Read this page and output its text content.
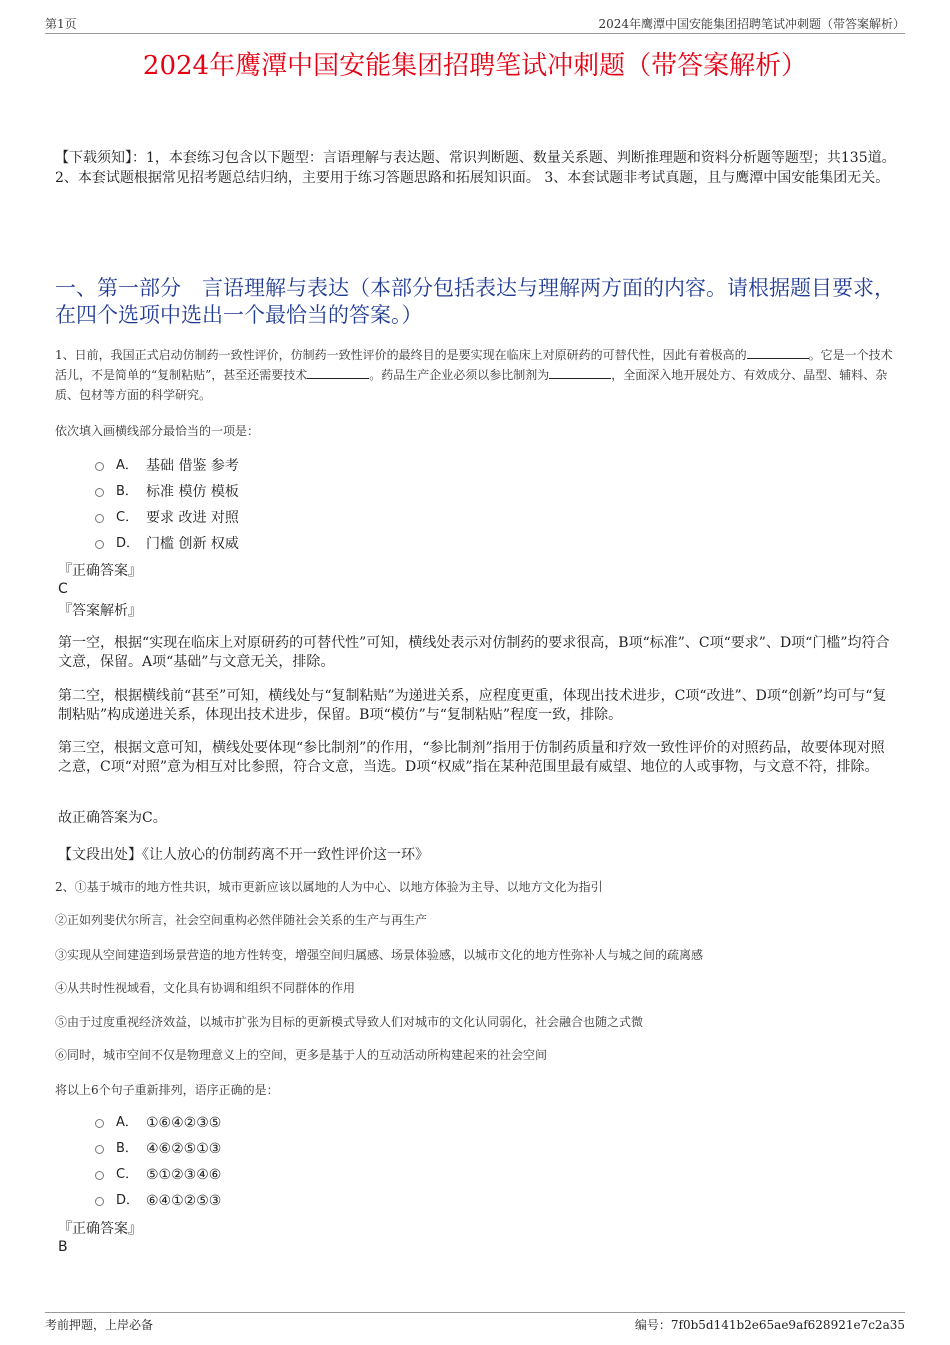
第1页	2024年鹰潭中国安能集团招聘笔试冲刺题（带答案解析）
2024年鹰潭中国安能集团招聘笔试冲刺题（带答案解析）
【下载须知】：1，本套练习包含以下题型：言语理解与表达题、常识判断题、数量关系题、判断推理题和资料分析题等题型；共135道。 2、本套试题根据常见招考题总结归纳，主要用于练习答题思路和拓展知识面。 3、本套试题非考试真题，且与鹰潭中国安能集团无关。
一、第一部分　言语理解与表达（本部分包括表达与理解两方面的内容。请根据题目要求，在四个选项中选出一个最恰当的答案。）
1、日前，我国正式启动仿制药一致性评价，仿制药一致性评价的最终目的是要实现在临床上对原研药的可替代性，因此有着极高的	。它是一个技术活儿，不是简单的“复制粘贴”，甚至还需要技术	。药品生产企业必须以参比制剂为	，全面深入地开展处方、有效成分、晶型、辅料、杂质、包材等方面的科学研究。
依次填入画横线部分最恰当的一项是：
A． 基础 借鉴 参考
B． 标准 模仿 模板
C． 要求 改进 对照
D． 门槛 创新 权威
『正确答案』
C
『答案解析』
第一空，根据“实现在临床上对原研药的可替代性”可知，横线处表示对仿制药的要求很高，B项“标准”、C项“要求”、D项“门槛”均符合文意，保留。A项“基础”与文意无关，排除。
第二空，根据横线前“甚至”可知，横线处与“复制粘贴”为递进关系，应程度更重，体现出技术进步，C项“改进”、D项“创新”均可与“复制粘贴”构成递进关系，体现出技术进步，保留。B项“模仿”与“复制粘贴”程度一致，排除。
第三空，根据文意可知，横线处要体现“参比制剂”的作用，“参比制剂”指用于仿制药质量和疗效一致性评价的对照药品，故要体现对照之意，C项“对照”意为相互对比参照，符合文意，当选。D项“权威”指在某种范围里最有威望、地位的人或事物，与文意不符，排除。
故正确答案为C。
【文段出处】《让人放心的仿制药离不开一致性评价这一环》
2、①基于城市的地方性共识，城市更新应该以属地的人为中心、以地方体验为主导、以地方文化为指引
②正如列斐伏尔所言，社会空间重构必然伴随社会关系的生产与再生产
③实现从空间建造到场景营造的地方性转变，增强空间归属感、场景体验感，以城市文化的地方性弥补人与城之间的疏离感
④从共时性视域看，文化具有协调和组织不同群体的作用
⑤由于过度重视经济效益，以城市扩张为目标的更新模式导致人们对城市的文化认同弱化，社会融合也随之式微
⑥同时，城市空间不仅是物理意义上的空间，更多是基于人的互动活动所构建起来的社会空间
将以上6个句子重新排列，语序正确的是：
A． ①⑥④②③⑤
B． ④⑥②⑤①③
C． ⑤①②③④⑥
D． ⑥④①②⑤③
『正确答案』
B
考前押题，上岸必备	编号：7f0b5d141b2e65ae9af628921e7c2a35
